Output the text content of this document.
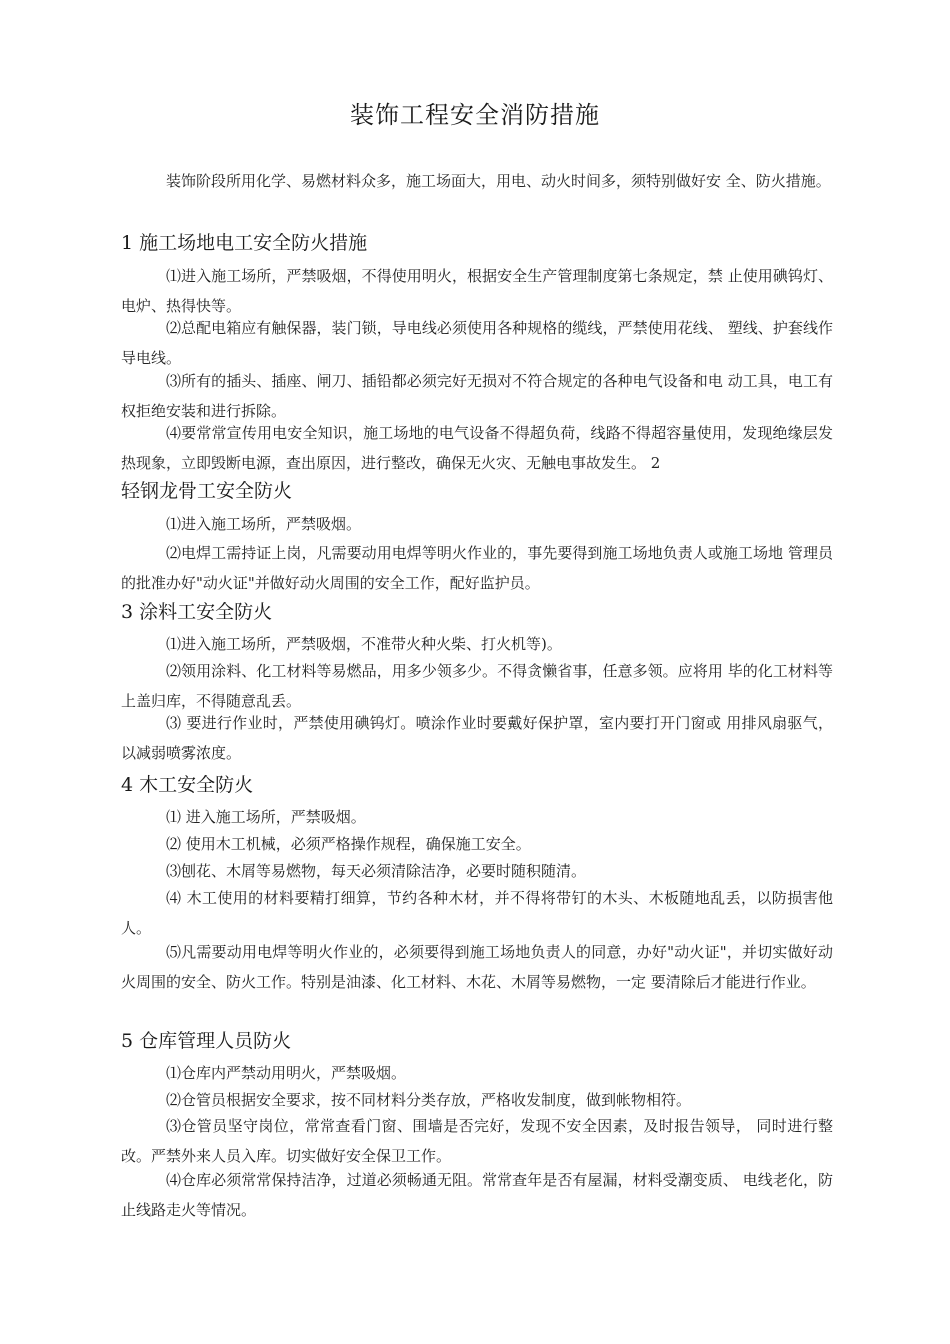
装饰工程安全消防措施

装饰阶段所用化学、易燃材料众多，施工场面大，用电、动火时间多，须特别做好安 全、防火措施。

1 施工场地电工安全防火措施

⑴进入施工场所，严禁吸烟，不得使用明火，根据安全生产管理制度第七条规定，禁 止使用碘钨灯、电炉、热得快等。

⑵总配电箱应有触保器，装门锁，导电线必须使用各种规格的缆线，严禁使用花线、 塑线、护套线作导电线。

⑶所有的插头、插座、闸刀、插铅都必须完好无损对不符合规定的各种电气设备和电 动工具，电工有权拒绝安装和进行拆除。

⑷要常常宣传用电安全知识，施工场地的电气设备不得超负荷，线路不得超容量使用，发现绝缘层发热现象，立即毁断电源，查出原因，进行整改，确保无火灾、无触电事故发生。 2

轻钢龙骨工安全防火

⑴进入施工场所，严禁吸烟。

⑵电焊工需持证上岗，凡需要动用电焊等明火作业的，事先要得到施工场地负责人或施工场地 管理员的批准办好"动火证"并做好动火周围的安全工作，配好监护员。

3 涂料工安全防火

⑴进入施工场所，严禁吸烟，不准带火种火柴、打火机等)。

⑵领用涂料、化工材料等易燃品，用多少领多少。不得贪懒省事，任意多领。应将用 毕的化工材料等上盖归库，不得随意乱丢。

⑶ 要进行作业时，严禁使用碘钨灯。喷涂作业时要戴好保护罩，室内要打开门窗或 用排风扇驱气，以减弱喷雾浓度。

4 木工安全防火

⑴ 进入施工场所，严禁吸烟。

⑵ 使用木工机械，必须严格操作规程，确保施工安全。

⑶刨花、木屑等易燃物，每天必须清除洁净，必要时随积随清。

⑷ 木工使用的材料要精打细算，节约各种木材，并不得将带钉的木头、木板随地乱丢，以防损害他人。

⑸凡需要动用电焊等明火作业的，必须要得到施工场地负责人的同意，办好"动火证"，并切实做好动火周围的安全、防火工作。特别是油漆、化工材料、木花、木屑等易燃物，一定 要清除后才能进行作业。

5 仓库管理人员防火

⑴仓库内严禁动用明火，严禁吸烟。

⑵仓管员根据安全要求，按不同材料分类存放，严格收发制度，做到帐物相符。

⑶仓管员坚守岗位，常常查看门窗、围墙是否完好，发现不安全因素，及时报告领导， 同时进行整改。严禁外来人员入库。切实做好安全保卫工作。

⑷仓库必须常常保持洁净，过道必须畅通无阻。常常查年是否有屋漏，材料受潮变质、 电线老化，防止线路走火等情况。
